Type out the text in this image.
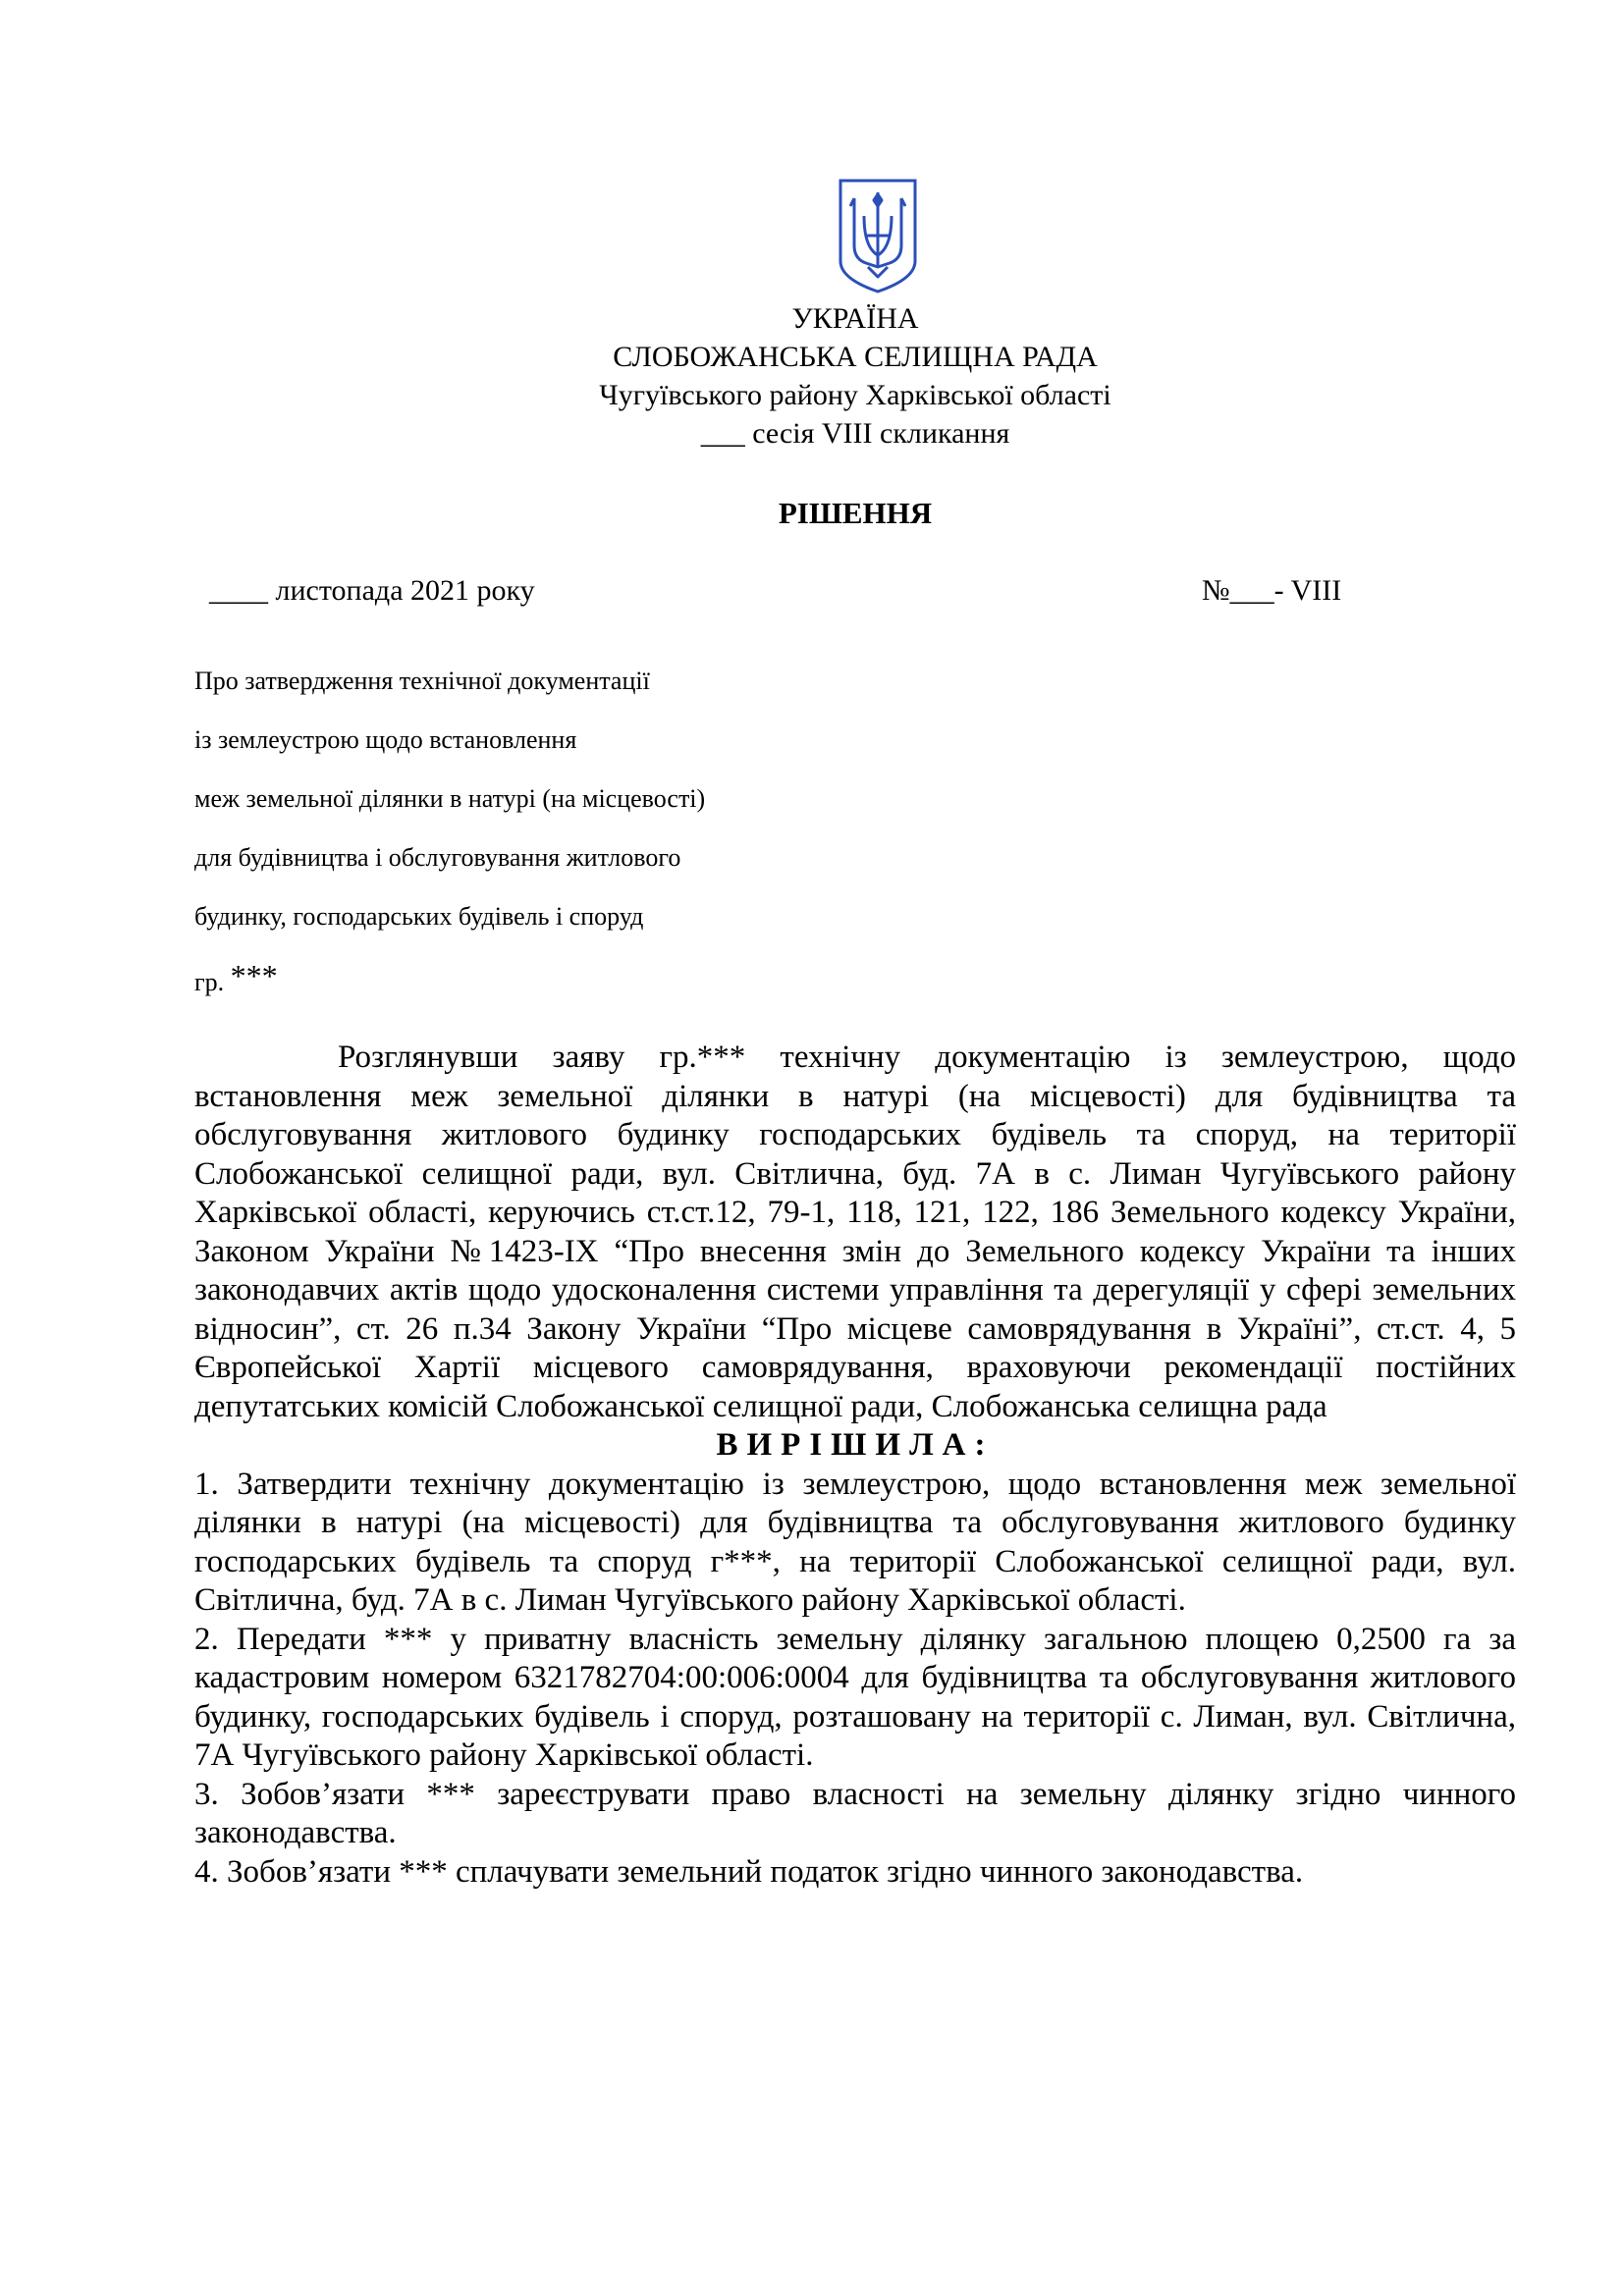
УКРАЇНА
СЛОБОЖАНСЬКА СЕЛИЩНА РАДА
Чугуївського району Харківської області
___ сесія VIII скликання
РІШЕННЯ
____ листопада 2021 року	№___- VIII
Про затвердження технічної документації
із землеустрою щодо встановлення
меж земельної ділянки в натурі (на місцевості)
для будівництва і обслуговування житлового
будинку, господарських будівель і споруд
гр. ***

Розглянувши заяву гр.*** технічну документацію із землеустрою, щодо встановлення меж земельної ділянки в натурі (на місцевості) для будівництва та обслуговування житлового будинку господарських будівель та споруд, на території Слобожанської селищної ради, вул. Світлична, буд. 7А в с. Лиман Чугуївського району Харківської області, керуючись ст.ст.12, 79-1, 118, 121, 122, 186 Земельного кодексу України, Законом України №1423-ІХ “Про внесення змін до Земельного кодексу України та інших законодавчих актів щодо удосконалення системи управління та дерегуляції у сфері земельних відносин”, ст. 26 п.34 Закону України “Про місцеве самоврядування в Україні”, ст.ст. 4, 5 Європейської Хартії місцевого самоврядування, враховуючи рекомендації постійних депутатських комісій Слобожанської селищної ради, Слобожанська селищна рада

ВИРІШИЛА:

1. Затвердити технічну документацію із землеустрою, щодо встановлення меж земельної ділянки в натурі (на місцевості) для будівництва та обслуговування житлового будинку господарських будівель та споруд г***, на території Слобожанської селищної ради, вул. Світлична, буд. 7А в с. Лиман Чугуївського району Харківської області.

2. Передати *** у приватну власність земельну ділянку загальною площею 0,2500 га за кадастровим номером 6321782704:00:006:0004 для будівництва та обслуговування житлового будинку, господарських будівель і споруд, розташовану на території с. Лиман, вул. Світлична, 7А Чугуївського району Харківської області.

3. Зобов’язати *** зареєструвати право власності на земельну ділянку згідно чинного законодавства.

4. Зобов’язати *** сплачувати земельний податок згідно чинного законодавства.
